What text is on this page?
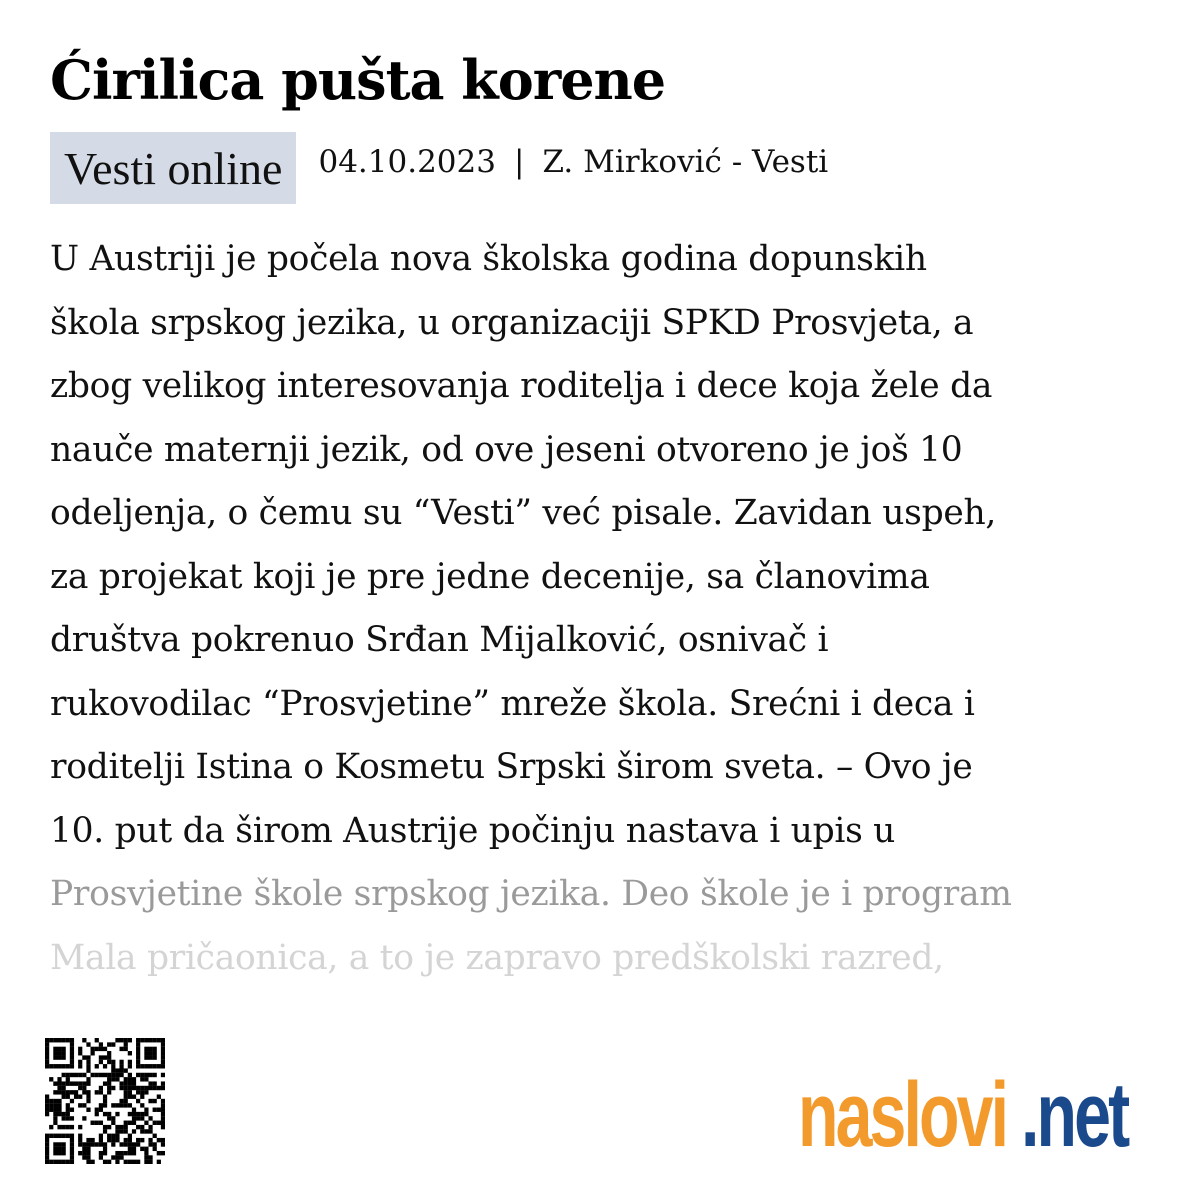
Ćirilica pušta korene
Vesti online	04.10.2023 | Z. Mirković - Vesti
U Austriji je počela nova školska godina dopunskih
škola srpskog jezika, u organizaciji SPKD Prosvjeta, a
zbog velikog interesovanja roditelja i dece koja žele da
nauče maternji jezik, od ove jeseni otvoreno je još 10
odeljenja, o čemu su “Vesti” već pisale. Zavidan uspeh,
za projekat koji je pre jedne decenije, sa članovima
društva pokrenuo Srđan Mijalković, osnivač i
rukovodilac “Prosvjetine” mreže škola. Srećni i deca i
roditelji Istina o Kosmetu Srpski širom sveta. – Ovo je
10. put da širom Austrije počinju nastava i upis u
Prosvjetine škole srpskog jezika. Deo škole je i program
Mala pričaonica, a to je zapravo predškolski razred,
naslovi .net
